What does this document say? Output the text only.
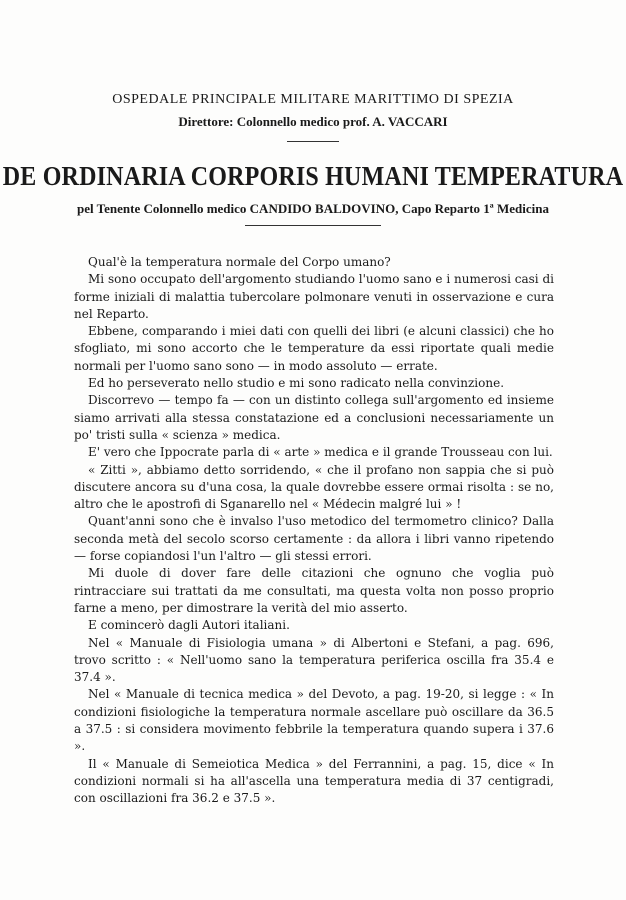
OSPEDALE PRINCIPALE MILITARE MARITTIMO DI SPEZIA
Direttore: Colonnello medico prof. A. VACCARI
DE ORDINARIA CORPORIS HUMANI TEMPERATURA
pel Tenente Colonnello medico CANDIDO BALDOVINO, Capo Reparto 1ª Medicina

Qual'è la temperatura normale del Corpo umano?

Mi sono occupato dell'argomento studiando l'uomo sano e i numerosi casi di forme iniziali di malattia tubercolare polmonare venuti in osservazione e cura nel Reparto.

Ebbene, comparando i miei dati con quelli dei libri (e alcuni classici) che ho sfogliato, mi sono accorto che le temperature da essi riportate quali medie normali per l'uomo sano sono — in modo assoluto — errate.

Ed ho perseverato nello studio e mi sono radicato nella convinzione.

Discorrevo — tempo fa — con un distinto collega sull'argomento ed insieme siamo arrivati alla stessa constatazione ed a conclusioni necessariamente un po' tristi sulla « scienza » medica.

E' vero che Ippocrate parla di « arte » medica e il grande Trousseau con lui.

« Zitti », abbiamo detto sorridendo, « che il profano non sappia che si può discutere ancora su d'una cosa, la quale dovrebbe essere ormai risolta : se no, altro che le apostrofi di Sganarello nel « Médecin malgré lui » !

Quant'anni sono che è invalso l'uso metodico del termometro clinico? Dalla seconda metà del secolo scorso certamente : da allora i libri vanno ripetendo — forse copiandosi l'un l'altro — gli stessi errori.

Mi duole di dover fare delle citazioni che ognuno che voglia può rintracciare sui trattati da me consultati, ma questa volta non posso proprio farne a meno, per dimostrare la verità del mio asserto.

E comincerò dagli Autori italiani.

Nel « Manuale di Fisiologia umana » di Albertoni e Stefani, a pag. 696, trovo scritto : « Nell'uomo sano la temperatura periferica oscilla fra 35.4 e 37.4 ».

Nel « Manuale di tecnica medica » del Devoto, a pag. 19-20, si legge : « In condizioni fisiologiche la temperatura normale ascellare può oscillare da 36.5 a 37.5 : si considera movimento febbrile la temperatura quando supera i 37.6 ».

Il « Manuale di Semeiotica Medica » del Ferrannini, a pag. 15, dice « In condizioni normali si ha all'ascella una temperatura media di 37 centigradi, con oscillazioni fra 36.2 e 37.5 ».
